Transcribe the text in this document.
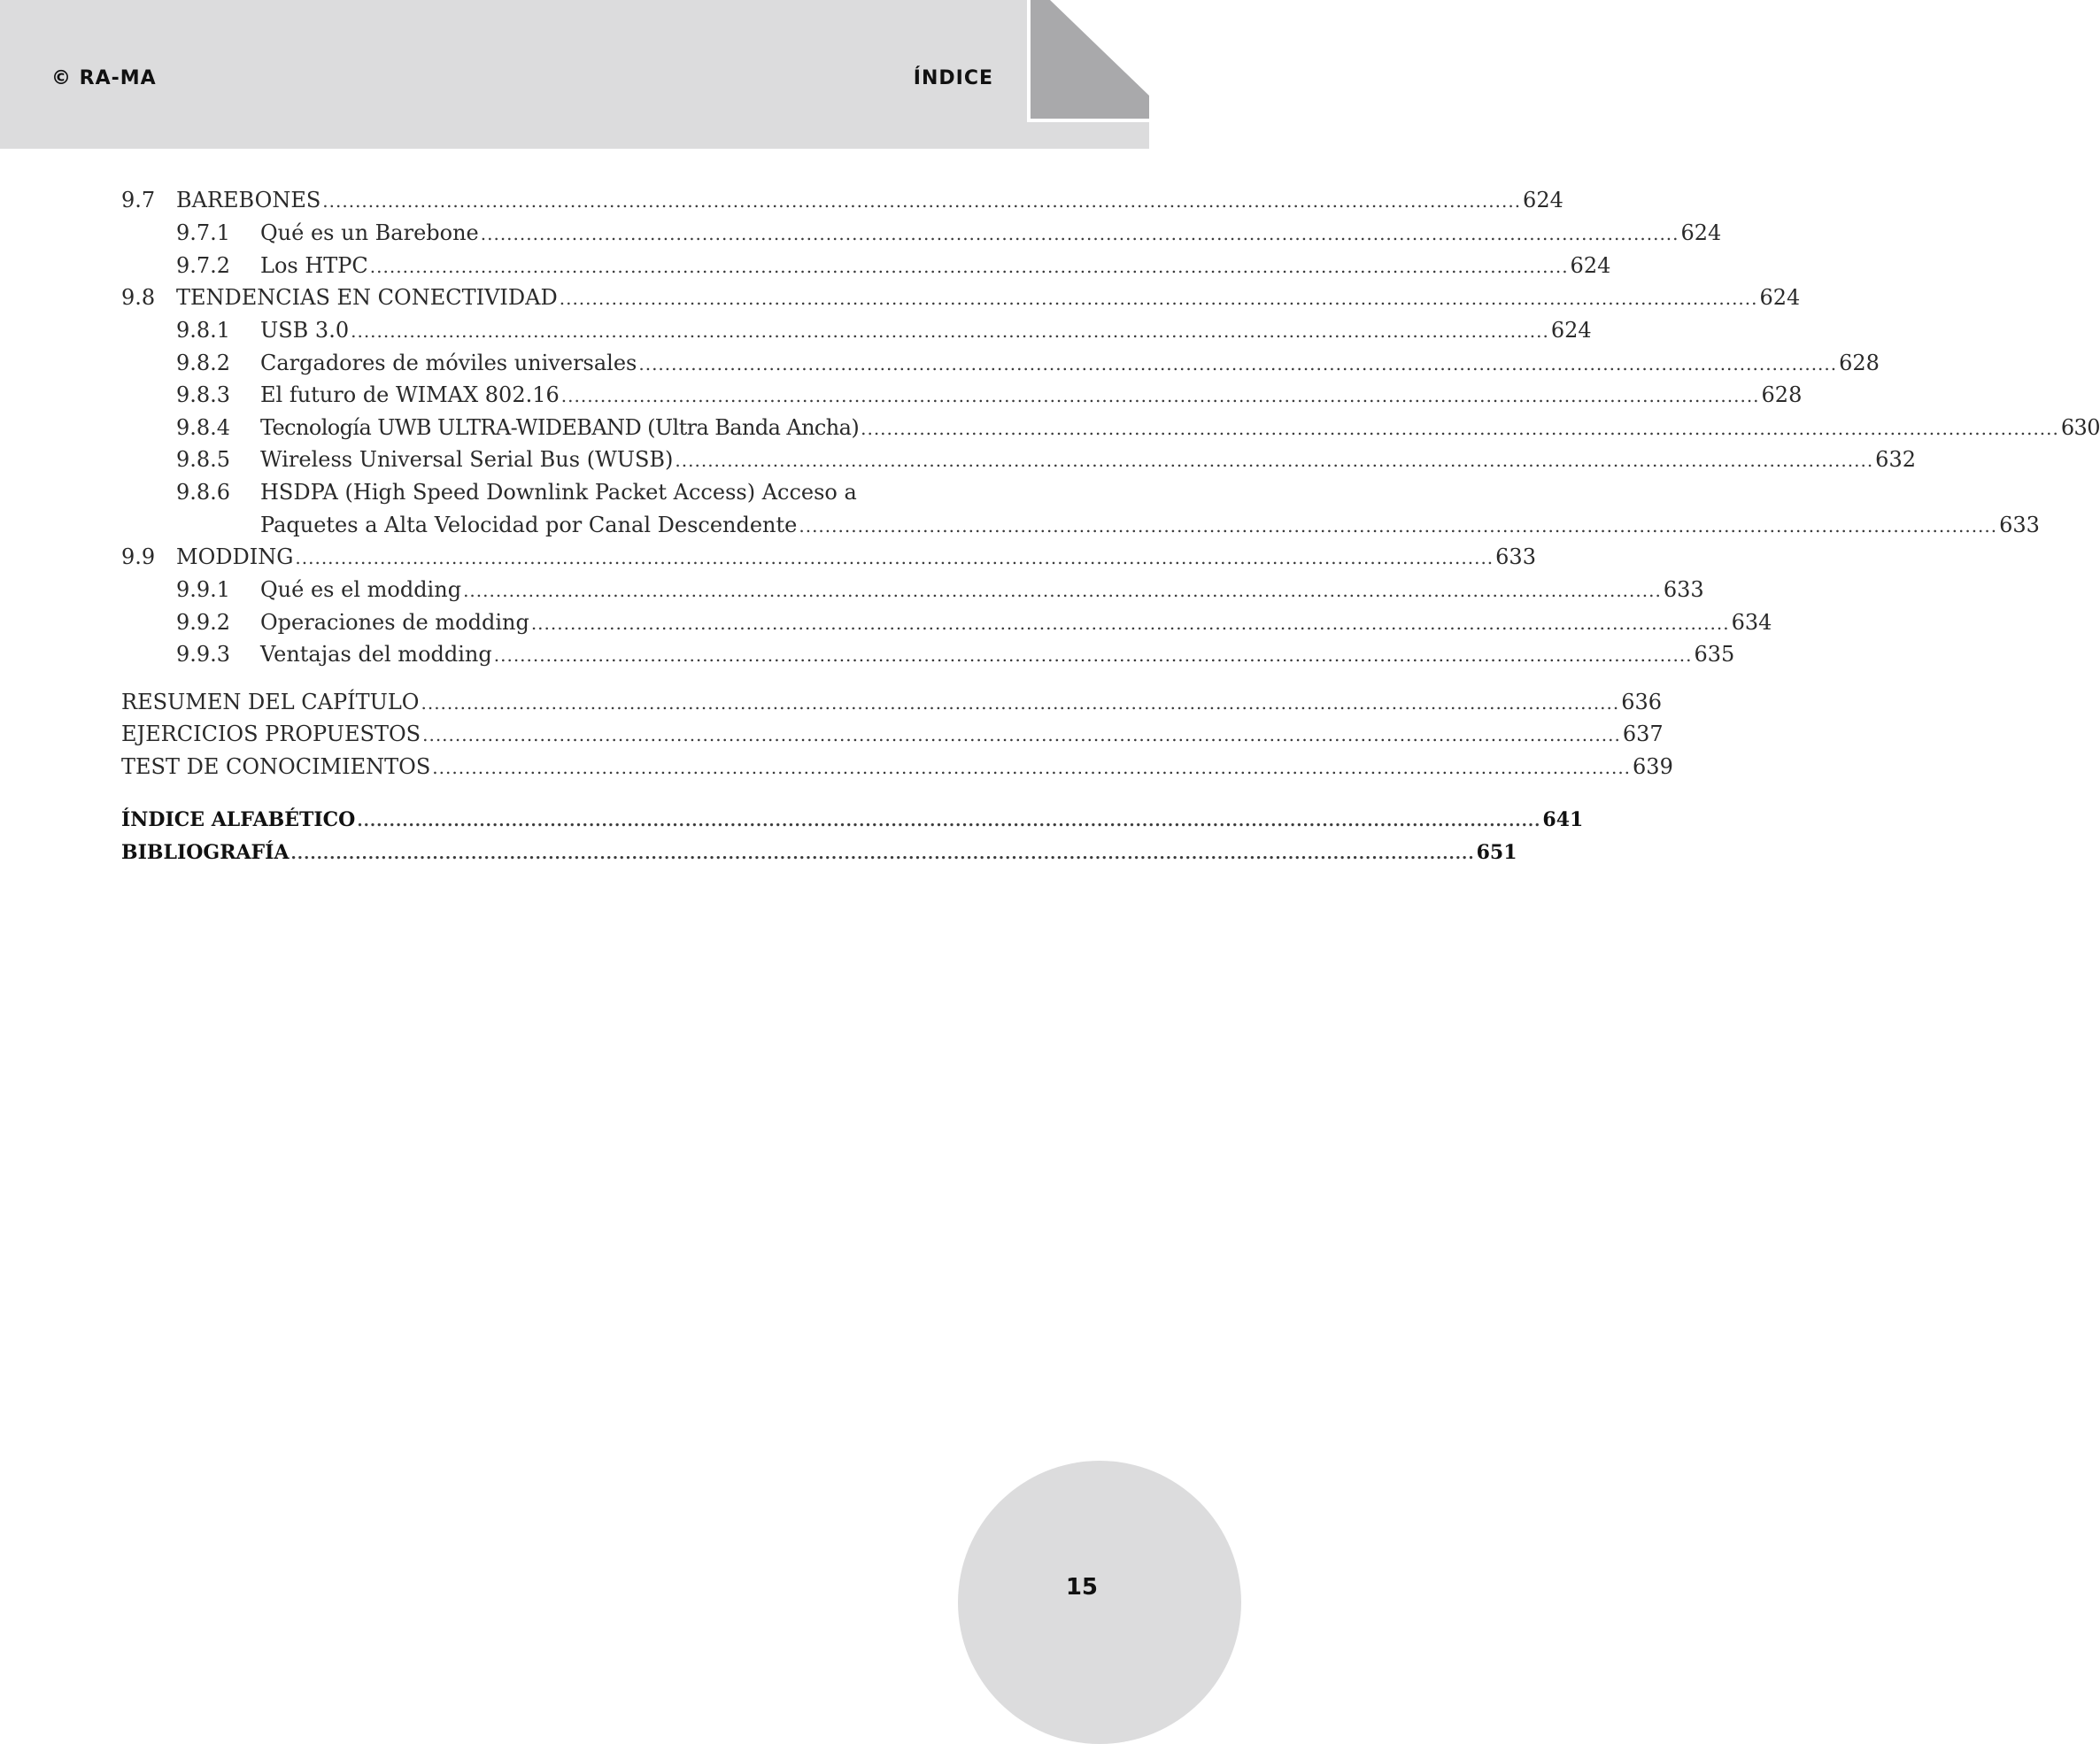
© RA-MA	ÍNDICE
9.7 BAREBONES ........................................................................................................................................................................................ 624
9.7.1 Qué es un Barebone ........................................................................................................................................................................................ 624
9.7.2 Los HTPC ........................................................................................................................................................................................ 624
9.8 TENDENCIAS EN CONECTIVIDAD ........................................................................................................................................................................................ 624
9.8.1 USB 3.0 ........................................................................................................................................................................................ 624
9.8.2 Cargadores de móviles universales ........................................................................................................................................................................................ 628
9.8.3 El futuro de WIMAX 802.16 ........................................................................................................................................................................................ 628
9.8.4 Tecnología UWB ULTRA-WIDEBAND (Ultra Banda Ancha) ........................................................................................................................................................................................ 630
9.8.5 Wireless Universal Serial Bus (WUSB) ........................................................................................................................................................................................ 632
9.8.6 HSDPA (High Speed Downlink Packet Access) Acceso a
Paquetes a Alta Velocidad por Canal Descendente ........................................................................................................................................................................................ 633
9.9 MODDING ........................................................................................................................................................................................ 633
9.9.1 Qué es el modding ........................................................................................................................................................................................ 633
9.9.2 Operaciones de modding ........................................................................................................................................................................................ 634
9.9.3 Ventajas del modding ........................................................................................................................................................................................ 635
RESUMEN DEL CAPÍTULO ........................................................................................................................................................................................ 636
EJERCICIOS PROPUESTOS ........................................................................................................................................................................................ 637
TEST DE CONOCIMIENTOS ........................................................................................................................................................................................ 639
ÍNDICE ALFABÉTICO ........................................................................................................................................................................................ 641
BIBLIOGRAFÍA ........................................................................................................................................................................................ 651
15
